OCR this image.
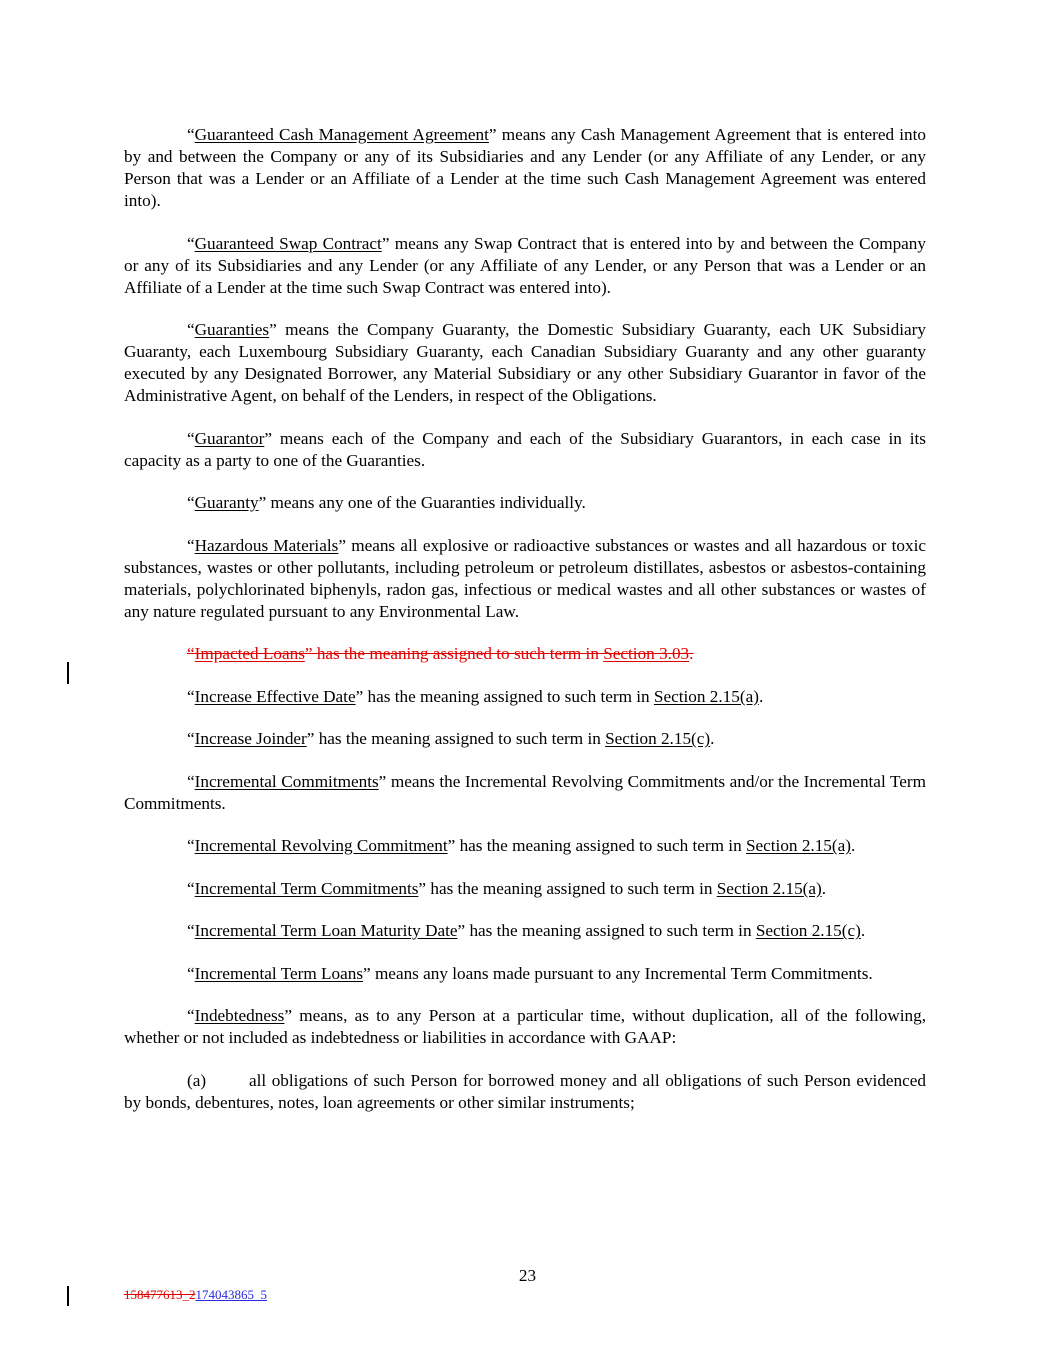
“Guaranteed Cash Management Agreement” means any Cash Management Agreement that is entered into by and between the Company or any of its Subsidiaries and any Lender (or any Affiliate of any Lender, or any Person that was a Lender or an Affiliate of a Lender at the time such Cash Management Agreement was entered into).

“Guaranteed Swap Contract” means any Swap Contract that is entered into by and between the Company or any of its Subsidiaries and any Lender (or any Affiliate of any Lender, or any Person that was a Lender or an Affiliate of a Lender at the time such Swap Contract was entered into).

“Guaranties” means the Company Guaranty, the Domestic Subsidiary Guaranty, each UK Subsidiary Guaranty, each Luxembourg Subsidiary Guaranty, each Canadian Subsidiary Guaranty and any other guaranty executed by any Designated Borrower, any Material Subsidiary or any other Subsidiary Guarantor in favor of the Administrative Agent, on behalf of the Lenders, in respect of the Obligations.

“Guarantor” means each of the Company and each of the Subsidiary Guarantors, in each case in its capacity as a party to one of the Guaranties.

“Guaranty” means any one of the Guaranties individually.

“Hazardous Materials” means all explosive or radioactive substances or wastes and all hazardous or toxic substances, wastes or other pollutants, including petroleum or petroleum distillates, asbestos or asbestos-containing materials, polychlorinated biphenyls, radon gas, infectious or medical wastes and all other substances or wastes of any nature regulated pursuant to any Environmental Law.

“Impacted Loans” has the meaning assigned to such term in Section 3.03.

“Increase Effective Date” has the meaning assigned to such term in Section 2.15(a).

“Increase Joinder” has the meaning assigned to such term in Section 2.15(c).

“Incremental Commitments” means the Incremental Revolving Commitments and/or the Incremental Term Commitments.

“Incremental Revolving Commitment” has the meaning assigned to such term in Section 2.15(a).

“Incremental Term Commitments” has the meaning assigned to such term in Section 2.15(a).

“Incremental Term Loan Maturity Date” has the meaning assigned to such term in Section 2.15(c).

“Incremental Term Loans” means any loans made pursuant to any Incremental Term Commitments.

“Indebtedness” means, as to any Person at a particular time, without duplication, all of the following, whether or not included as indebtedness or liabilities in accordance with GAAP:

(a) all obligations of such Person for borrowed money and all obligations of such Person evidenced by bonds, debentures, notes, loan agreements or other similar instruments;

23
158477613_2174043865_5
